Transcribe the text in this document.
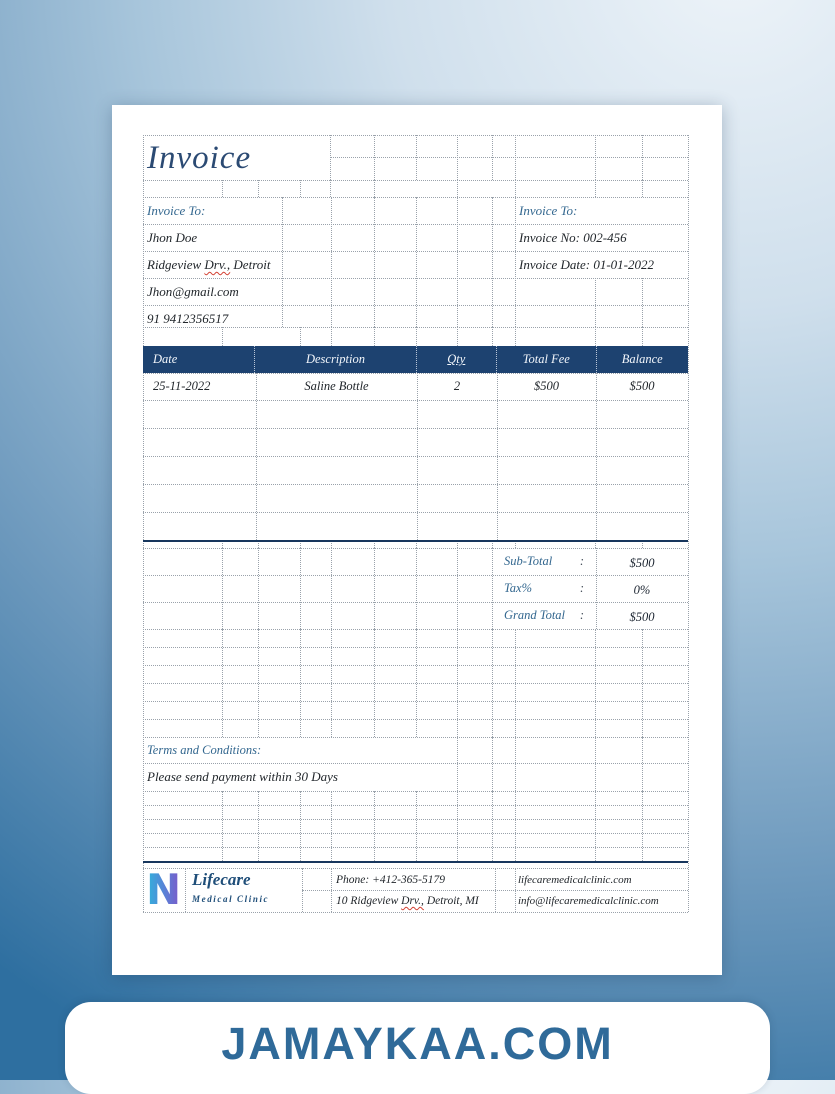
Invoice
Invoice To:
Jhon Doe
Ridgeview Drv., Detroit
Jhon@gmail.com
91 9412356517
Invoice To:
Invoice No: 002-456
Invoice Date: 01-01-2022
Date	Description	Qty	Total Fee	Balance
25-11-2022	Saline Bottle	2	$500	$500
Sub-Total :	$500
Tax%	:	0%
Grand Total :	$500
Terms and Conditions:
Please send payment within 30 Days
N Lifecare
Medical Clinic
Phone: +412-365-5179
10 Ridgeview Drv., Detroit, MI
lifecaremedicalclinic.com
info@lifecaremedicalclinic.com
JAMAYKAA.COM
